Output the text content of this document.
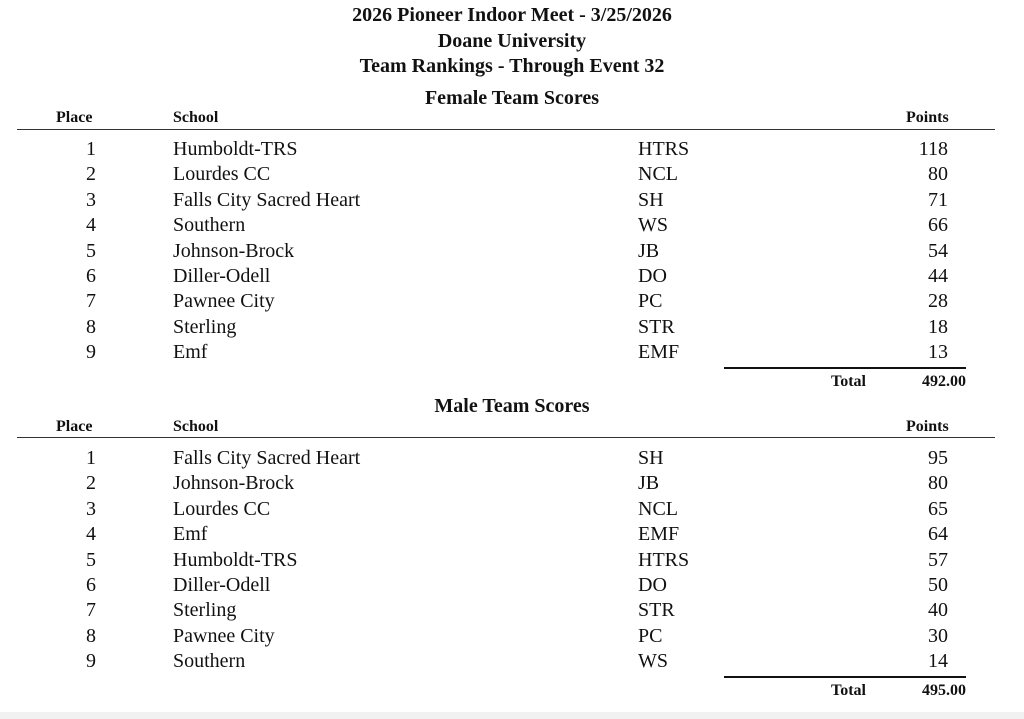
2026 Pioneer Indoor Meet - 3/25/2026
Doane University
Team Rankings - Through Event 32
Female Team Scores
Place	School	Points
1	Humboldt-TRS	HTRS	118
2	Lourdes CC	NCL	80
3	Falls City Sacred Heart	SH	71
4	Southern	WS	66
5	Johnson-Brock	JB	54
6	Diller-Odell	DO	44
7	Pawnee City	PC	28
8	Sterling	STR	18
9	Emf	EMF	13
Total	492.00
Male Team Scores
Place	School	Points
1	Falls City Sacred Heart	SH	95
2	Johnson-Brock	JB	80
3	Lourdes CC	NCL	65
4	Emf	EMF	64
5	Humboldt-TRS	HTRS	57
6	Diller-Odell	DO	50
7	Sterling	STR	40
8	Pawnee City	PC	30
9	Southern	WS	14
Total	495.00
